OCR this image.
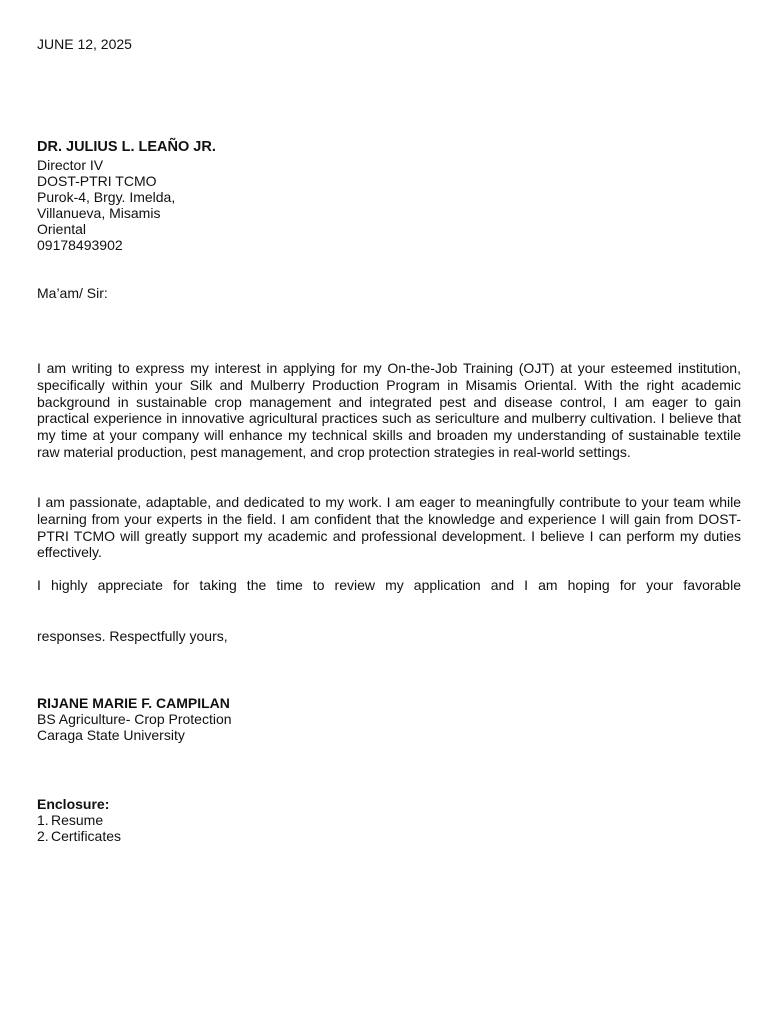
JUNE 12, 2025
DR. JULIUS L. LEAÑO JR.
Director IV
DOST-PTRI TCMO
Purok-4, Brgy. Imelda,
Villanueva, Misamis
Oriental
09178493902
Ma’am/ Sir:
I am writing to express my interest in applying for my On-the-Job Training (OJT) at your esteemed institution, specifically within your Silk and Mulberry Production Program in Misamis Oriental. With the right academic background in sustainable crop management and integrated pest and disease control, I am eager to gain practical experience in innovative agricultural practices such as sericulture and mulberry cultivation. I believe that my time at your company will enhance my technical skills and broaden my understanding of sustainable textile raw material production, pest management, and crop protection strategies in real-world settings.
I am passionate, adaptable, and dedicated to my work. I am eager to meaningfully contribute to your team while learning from your experts in the field. I am confident that the knowledge and experience I will gain from DOST-PTRI TCMO will greatly support my academic and professional development. I believe I can perform my duties effectively.
I highly appreciate for taking the time to review my application and I am hoping for your favorable
responses. Respectfully yours,
RIJANE MARIE F. CAMPILAN
BS Agriculture- Crop Protection
Caraga State University
Enclosure:
1. Resume
2. Certificates
